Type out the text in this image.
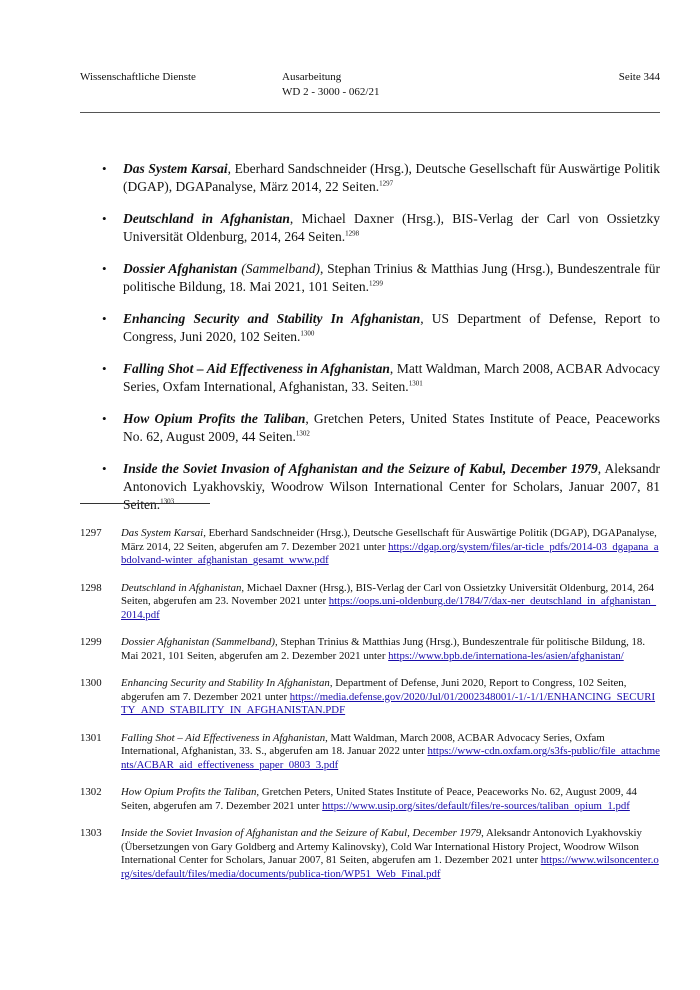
Wissenschaftliche Dienste	Ausarbeitung
WD 2 - 3000 - 062/21
Seite 344
• Das System Karsai, Eberhard Sandschneider (Hrsg.), Deutsche Gesellschaft für Auswärtige Politik (DGAP), DGAPanalyse, März 2014, 22 Seiten.$^{1297}$
• Deutschland in Afghanistan, Michael Daxner (Hrsg.), BIS-Verlag der Carl von Ossietzky Universität Oldenburg, 2014, 264 Seiten.$^{1298}$
• Dossier Afghanistan (Sammelband), Stephan Trinius & Matthias Jung (Hrsg.), Bundeszentrale für politische Bildung, 18. Mai 2021, 101 Seiten.$^{1299}$
• Enhancing Security and Stability In Afghanistan, US Department of Defense, Report to Congress, Juni 2020, 102 Seiten.$^{1300}$
• Falling Shot – Aid Effectiveness in Afghanistan, Matt Waldman, March 2008, ACBAR Advocacy Series, Oxfam International, Afghanistan, 33. Seiten.$^{1301}$
• How Opium Profits the Taliban, Gretchen Peters, United States Institute of Peace, Peaceworks No. 62, August 2009, 44 Seiten.$^{1302}$
• Inside the Soviet Invasion of Afghanistan and the Seizure of Kabul, December 1979, Aleksandr Antonovich Lyakhovskiy, Woodrow Wilson International Center for Scholars, Januar 2007, 81 Seiten.$^{1303}$
1297 Das System Karsai, Eberhard Sandschneider (Hrsg.), Deutsche Gesellschaft für Auswärtige Politik (DGAP), DGAPanalyse, März 2014, 22 Seiten, abgerufen am 7. Dezember 2021 unter https://dgap.org/system/files/ar-ticle_pdfs/2014-03_dgapana_abdolvand-winter_afghanistan_gesamt_www.pdf
1298 Deutschland in Afghanistan, Michael Daxner (Hrsg.), BIS-Verlag der Carl von Ossietzky Universität Oldenburg, 2014, 264 Seiten, abgerufen am 23. November 2021 unter https://oops.uni-oldenburg.de/1784/7/dax-ner_deutschland_in_afghanistan_2014.pdf
1299 Dossier Afghanistan (Sammelband), Stephan Trinius & Matthias Jung (Hrsg.), Bundeszentrale für politische Bildung, 18. Mai 2021, 101 Seiten, abgerufen am 2. Dezember 2021 unter https://www.bpb.de/internationa-les/asien/afghanistan/
1300 Enhancing Security and Stability In Afghanistan, Department of Defense, Juni 2020, Report to Congress, 102 Seiten, abgerufen am 7. Dezember 2021 unter https://media.defense.gov/2020/Jul/01/2002348001/-1/-1/1/ENHANCING_SECURITY_AND_STABILITY_IN_AFGHANISTAN.PDF
1301 Falling Shot – Aid Effectiveness in Afghanistan, Matt Waldman, March 2008, ACBAR Advocacy Series, Oxfam International, Afghanistan, 33. S., abgerufen am 18. Januar 2022 unter https://www-cdn.oxfam.org/s3fs-public/file_attachments/ACBAR_aid_effectiveness_paper_0803_3.pdf
1302 How Opium Profits the Taliban, Gretchen Peters, United States Institute of Peace, Peaceworks No. 62, August 2009, 44 Seiten, abgerufen am 7. Dezember 2021 unter https://www.usip.org/sites/default/files/re-sources/taliban_opium_1.pdf
1303 Inside the Soviet Invasion of Afghanistan and the Seizure of Kabul, December 1979, Aleksandr Antonovich Lyakhovskiy (Übersetzungen von Gary Goldberg and Artemy Kalinovsky), Cold War International History Project, Woodrow Wilson International Center for Scholars, Januar 2007, 81 Seiten, abgerufen am 1. Dezember 2021 unter https://www.wilsoncenter.org/sites/default/files/media/documents/publica-tion/WP51_Web_Final.pdf
